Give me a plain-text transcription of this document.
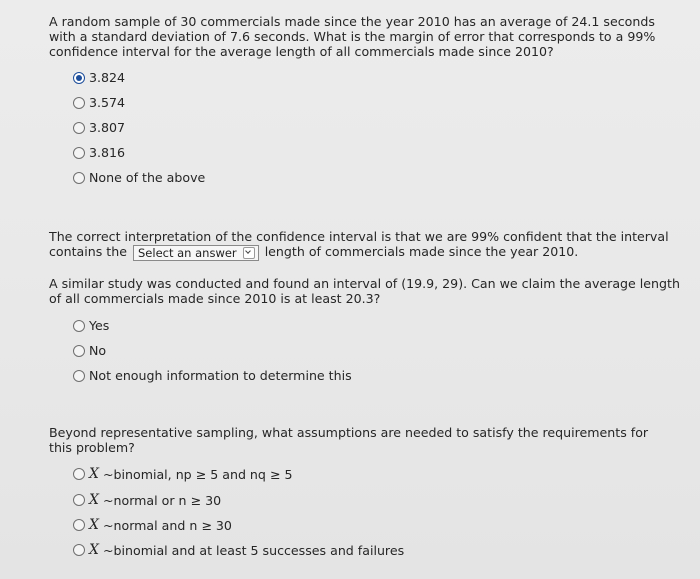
A random sample of 30 commercials made since the year 2010 has an average of 24.1 seconds with a standard deviation of 7.6 seconds. What is the margin of error that corresponds to a 99% confidence interval for the average length of all commercials made since 2010?
3.824
3.574
3.807
3.816
None of the above
The correct interpretation of the confidence interval is that we are 99% confident that the interval contains the Select an answer length of commercials made since the year 2010.
A similar study was conducted and found an interval of (19.9, 29). Can we claim the average length of all commercials made since 2010 is at least 20.3?
Yes
No
Not enough information to determine this
Beyond representative sampling, what assumptions are needed to satisfy the requirements for this problem?
X ~binomial, np ≥ 5 and nq ≥ 5
X ~normal or n ≥ 30
X ~normal and n ≥ 30
X ~binomial and at least 5 successes and failures
